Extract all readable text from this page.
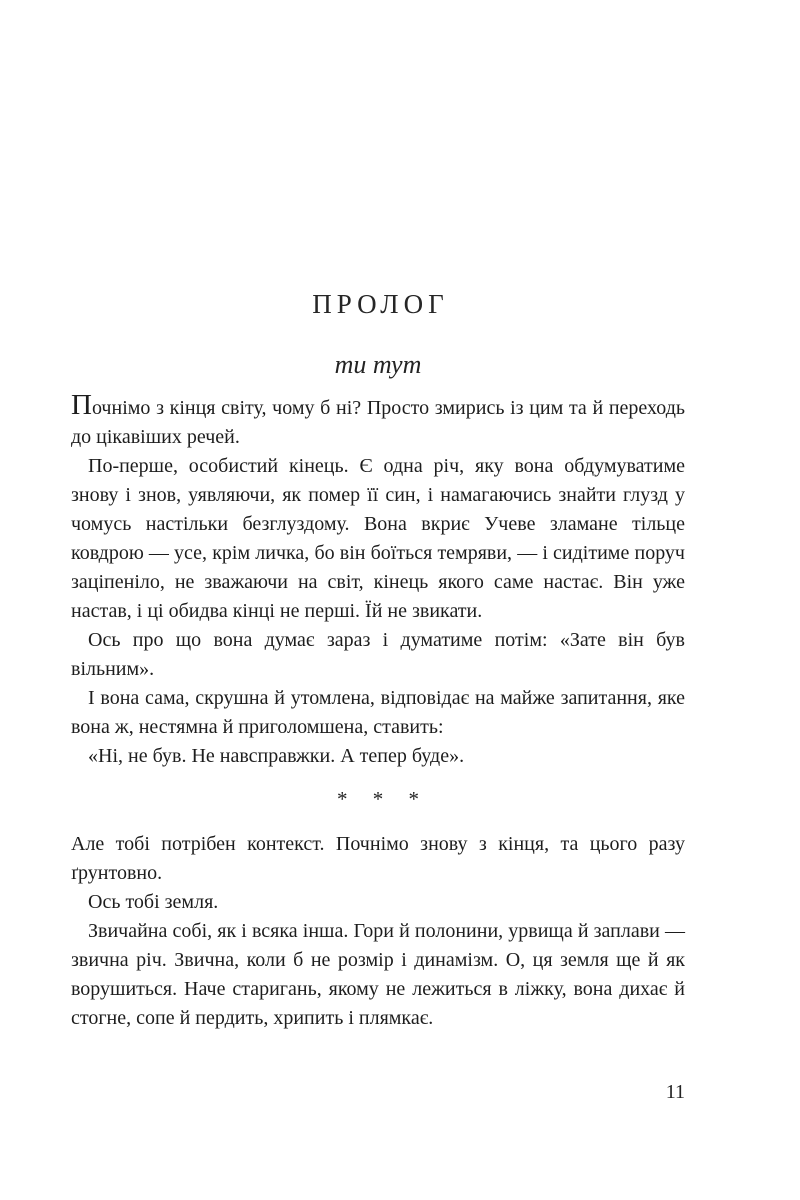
ПРОЛОГ
ти тут

Почнімо з кінця світу, чому б ні? Просто змирись із цим та й переходь до цікавіших речей.

По-перше, особистий кінець. Є одна річ, яку вона обдумуватиме знову і знов, уявляючи, як помер її син, і намагаючись знайти глузд у чомусь настільки безглуздому. Вона вкриє Учеве зламане тільце ковдрою — усе, крім личка, бо він боїться темряви, — і сидітиме поруч заціпеніло, не зважаючи на світ, кінець якого саме настає. Він уже настав, і ці обидва кінці не перші. Їй не звикати.

Ось про що вона думає зараз і думатиме потім: «Зате він був вільним».

І вона сама, скрушна й утомлена, відповідає на майже запитання, яке вона ж, нестямна й приголомшена, ставить:

«Ні, не був. Не навсправжки. А тепер буде».

* * *

Але тобі потрібен контекст. Почнімо знову з кінця, та цього разу ґрунтовно.

Ось тобі земля.

Звичайна собі, як і всяка інша. Гори й полонини, урвища й заплави — звична річ. Звична, коли б не розмір і динамізм. О, ця земля ще й як ворушиться. Наче старигань, якому не лежиться в ліжку, вона дихає й стогне, сопе й пердить, хрипить і плямкає.

11
